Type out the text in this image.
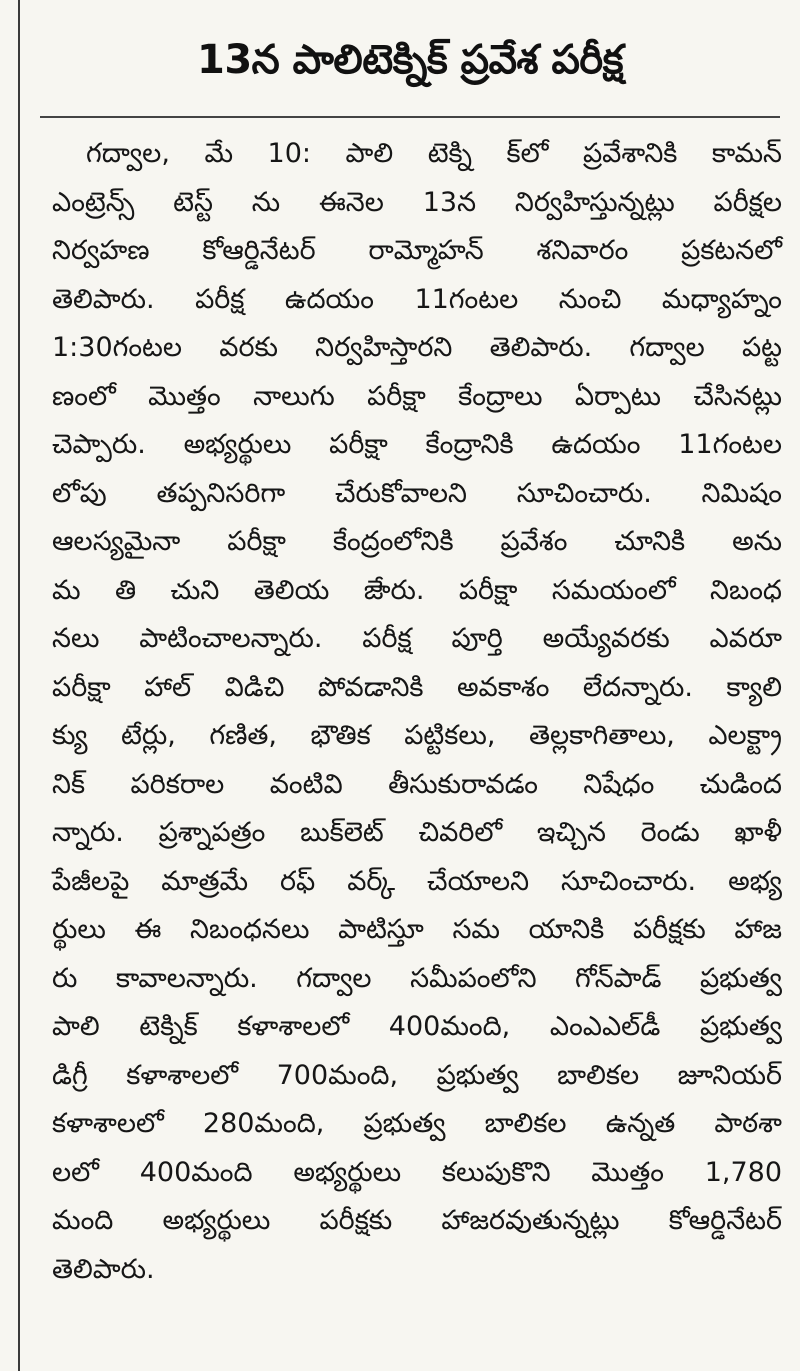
13న పాలిటెక్నిక్ ప్రవేశ పరీక్ష
గద్వాల, మే 10: పాలి టెక్ని క్‌లో ప్రవేశానికి కామన్
ఎంట్రెన్స్ టెస్ట్ ను ఈనెల 13న నిర్వహిస్తున్నట్లు పరీక్షల
నిర్వహణ కోఆర్డినేటర్ రామ్మోహన్ శనివారం ప్రకటనలో
తెలిపారు. పరీక్ష ఉదయం 11గంటల నుంచి మధ్యాహ్నం
1:30గంటల వరకు నిర్వహిస్తారని తెలిపారు. గద్వాల పట్ట
ణంలో మొత్తం నాలుగు పరీక్షా కేంద్రాలు ఏర్పాటు చేసినట్లు
చెప్పారు. అభ్యర్థులు పరీక్షా కేంద్రానికి ఉదయం 11గంటల
లోపు తప్పనిసరిగా చేరుకోవాలని సూచించారు. నిమిషం
ఆలస్యమైనా పరీక్షా కేంద్రంలోనికి ప్రవేశం చూనికి అను
మ తి చుని తెలియ జేారు. పరీక్షా సమయంలో నిబంధ
నలు పాటించాలన్నారు. పరీక్ష పూర్తి అయ్యేవరకు ఎవరూ
పరీక్షా హాల్ విడిచి పోవడానికి అవకాశం లేదన్నారు. క్యాలి
క్యు టేర్లు, గణిత, భౌతిక పట్టికలు, తెల్లకాగితాలు, ఎలక్ట్రా
నిక్ పరికరాల వంటివి తీసుకురావడం నిషేధం చుడింద
న్నారు. ప్రశ్నాపత్రం బుక్‌లెట్ చివరిలో ఇచ్చిన రెండు ఖాళీ
పేజీలపై మాత్రమే రఫ్ వర్క్ చేయాలని సూచించారు. అభ్య
ర్థులు ఈ నిబంధనలు పాటిస్తూ సమ యానికి పరీక్షకు హాజ
రు కావాలన్నారు. గద్వాల సమీపంలోని గోన్‌పాడ్ ప్రభుత్వ
పాలి టెక్నిక్ కళాశాలలో 400మంది, ఎంఎఎల్‌డీ ప్రభుత్వ
డిగ్రీ కళాశాలలో 700మంది, ప్రభుత్వ బాలికల జూనియర్
కళాశాలలో 280మంది, ప్రభుత్వ బాలికల ఉన్నత పాఠశా
లలో 400మంది అభ్యర్థులు కలుపుకొని మొత్తం 1,780
మంది అభ్యర్థులు పరీక్షకు హాజరవుతున్నట్లు కోఆర్డినేటర్
తెలిపారు.
